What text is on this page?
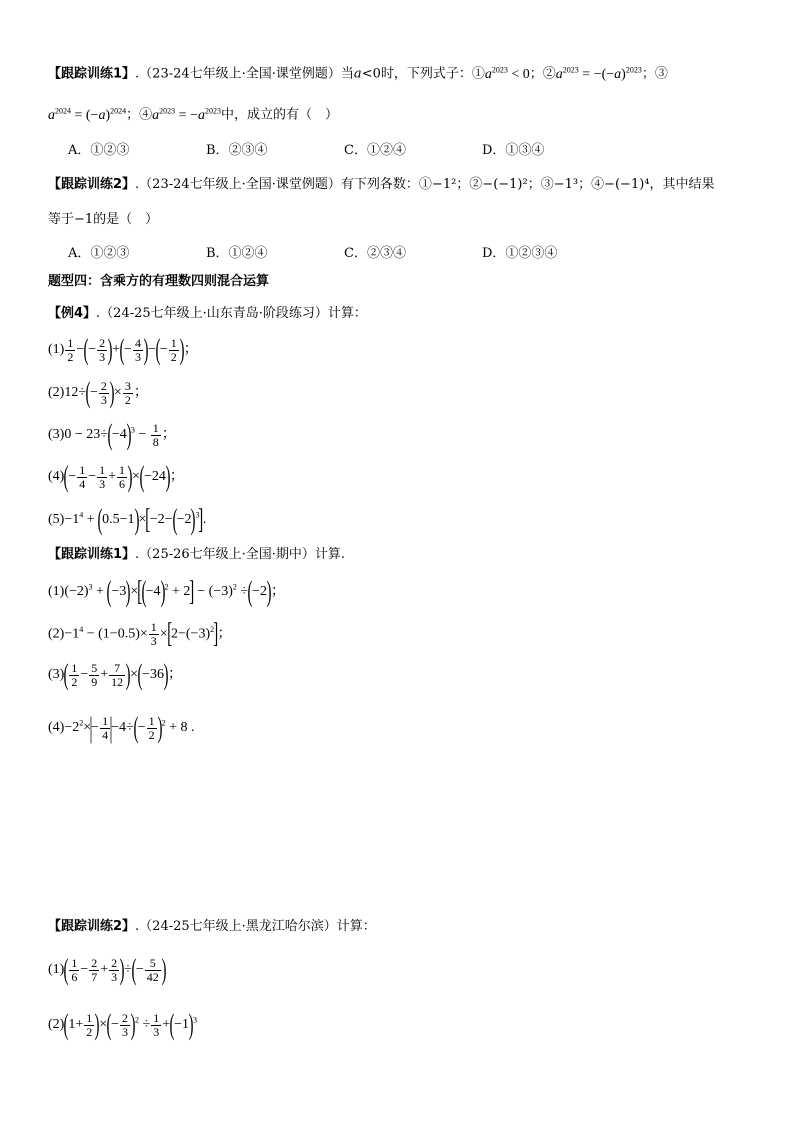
【跟踪训练1】.（23-24七年级上·全国·课堂例题）当a<0时，下列式子：$①a^{2023} < 0$；$②a^{2023} = -(-a)^{2023}$；③
$a^{2024} = (-a)^{2024}$；$④a^{2023} = -a^{2023}$中，成立的有（　）
A．①②③	B．②③④	C．①②④	D．①③④
【跟踪训练2】.（23-24七年级上·全国·课堂例题）有下列各数：①−1²；②−(−1)²；③−1³；④−(−1)⁴，其中结果
等于−1的是（　）
A．①②③	B．①②④	C．②③④	D．①②③④
题型四：含乘方的有理数四则混合运算
【例4】.（24-25七年级上·山东青岛·阶段练习）计算：
$(1) \frac{1}{2}$ −(− $\frac{2}{3}$ )+(− $\frac{4}{3}$ )−(− $\frac{1}{2}$ )；
$(2)12\div(- \frac{2}{3}$ )× $\frac{3}{2}$ ；
$(3)0 - 23\div(-4)^3 - \frac{1}{8}$ ；
$(4)(- \frac{1}{4} - \frac{1}{3} + \frac{1}{6} )\times(-24)$；
$(5)-1^4 + (0.5-1)\times[-2-(-2)^3]$.
【跟踪训练1】.（25-26七年级上·全国·期中）计算.
$(1)(-2)^3 + (-3)\times[(-4)^2 + 2] - (-3)^2 \div(-2)$；
$(2)-1^4 - (1-0.5)\times \frac{1}{3} \times[2-(-3)^2]$；
$(3)( \frac{1}{2} - \frac{5}{9} + \frac{7}{12} )\times(-36)$；
$(4)-2^2\times|- \frac{1}{4} |-4\div(- \frac{1}{2} )^2 + 8$ .
【跟踪训练2】.（24-25七年级上·黑龙江哈尔滨）计算：
$(1)( \frac{1}{6} - \frac{2}{7} + \frac{2}{3}$ )÷(− $\frac{5}{42}$ )
$(2)(1+ \frac{1}{2}$ )×(− $\frac{2}{3} )^2 \div \frac{1}{3} +(-1)^3$
